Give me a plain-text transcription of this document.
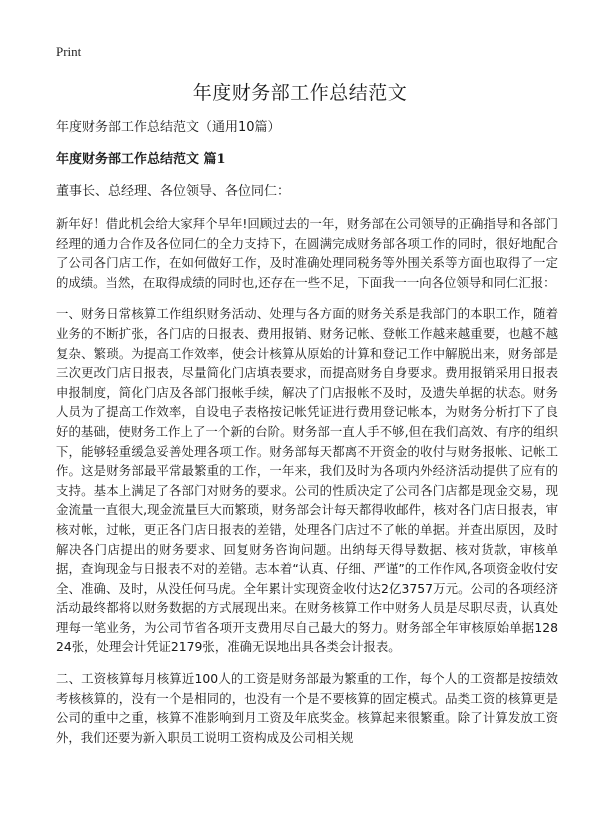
Print
年度财务部工作总结范文

年度财务部工作总结范文（通用10篇）

年度财务部工作总结范文 篇1

董事长、总经理、各位领导、各位同仁：

新年好！借此机会给大家拜个早年!回顾过去的一年，财务部在公司领导的正确指导和各部门经理的通力合作及各位同仁的全力支持下，在圆满完成财务部各项工作的同时，很好地配合了公司各门店工作，在如何做好工作，及时准确处理同税务等外围关系等方面也取得了一定的成绩。当然，在取得成绩的同时也,还存在一些不足，下面我一一向各位领导和同仁汇报：

一、财务日常核算工作组织财务活动、处理与各方面的财务关系是我部门的本职工作，随着业务的不断扩张，各门店的日报表、费用报销、财务记帐、登帐工作越来越重要，也越不越复杂、繁琐。为提高工作效率，使会计核算从原始的计算和登记工作中解脱出来，财务部是三次更改门店日报表，尽量简化门店填表要求，而提高财务自身要求。费用报销采用日报表申报制度，简化门店及各部门报帐手续，解决了门店报帐不及时，及遗失单据的状态。财务人员为了提高工作效率，自设电子表格按记帐凭证进行费用登记帐本，为财务分析打下了良好的基础，使财务工作上了一个新的台阶。财务部一直人手不够,但在我们高效、有序的组织下，能够轻重缓急妥善处理各项工作。财务部每天都离不开资金的收付与财务报帐、记帐工作。这是财务部最平常最繁重的工作，一年来，我们及时为各项内外经济活动提供了应有的支持。基本上满足了各部门对财务的要求。公司的性质决定了公司各门店都是现金交易，现金流量一直很大,现金流量巨大而繁琐，财务部会计每天都得收邮件，核对各门店日报表，审核对帐，过帐，更正各门店日报表的差错，处理各门店过不了帐的单据。并查出原因，及时解决各门店提出的财务要求、回复财务咨询问题。出纳每天得导数据、核对货款，审核单据，查询现金与日报表不对的差错。志本着“认真、仔细、严谨”的工作作风,各项资金收付安全、准确、及时，从没任何马虎。全年累计实现资金收付达2亿3757万元。公司的各项经济活动最终都将以财务数据的方式展现出来。在财务核算工作中财务人员是尽职尽责，认真处理每一笔业务，为公司节省各项开支费用尽自己最大的努力。财务部全年审核原始单据12824张，处理会计凭证2179张，准确无误地出具各类会计报表。

二、工资核算每月核算近100人的工资是财务部最为繁重的工作，每个人的工资都是按绩效考核核算的，没有一个是相同的，也没有一个是不要核算的固定模式。品类工资的核算更是公司的重中之重，核算不准影响到月工资及年底奖金。核算起来很繁重。除了计算发放工资外，我们还要为新入职员工说明工资构成及公司相关规
